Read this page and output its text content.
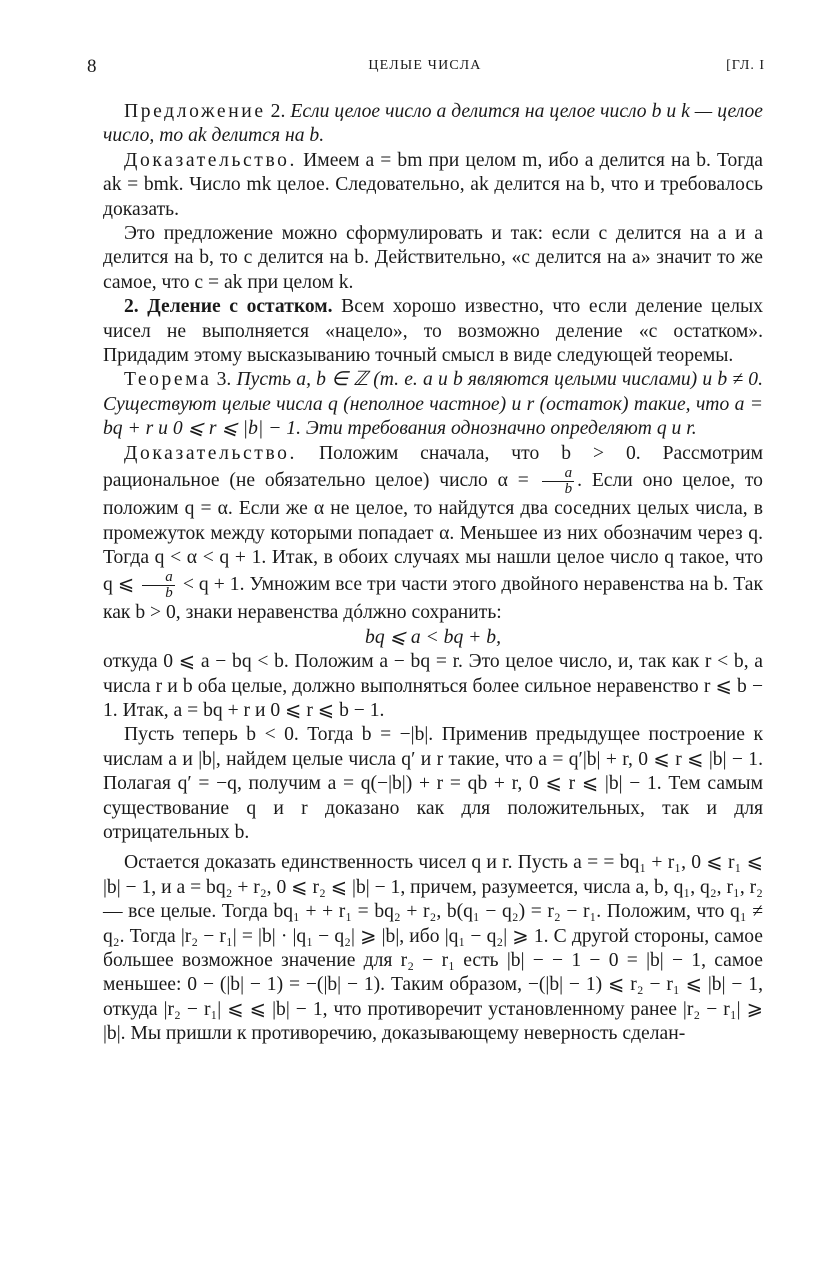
8	ЦЕЛЫЕ ЧИСЛА	[ГЛ. I

Предложение 2. Если целое число a делится на целое число b и k — целое число, то ak делится на b.

Доказательство. Имеем a = bm при целом m, ибо a делится на b. Тогда ak = bmk. Число mk целое. Следовательно, ak делится на b, что и требовалось доказать.

Это предложение можно сформулировать и так: если c делится на a и a делится на b, то c делится на b. Действительно, «c делится на a» значит то же самое, что c = ak при целом k.

2. Деление с остатком. Всем хорошо известно, что если деление целых чисел не выполняется «нацело», то возможно деление «с остатком». Придадим этому высказыванию точный смысл в виде следующей теоремы.

Теорема 3. Пусть a, b ∈ ℤ (т. е. a и b являются целыми числами) и b ≠ 0. Существуют целые числа q (неполное частное) и r (остаток) такие, что a = bq + r и 0 ⩽ r ⩽ |b| − 1. Эти требования однозначно определяют q и r.

Доказательство. Положим сначала, что b > 0. Рассмотрим рациональное (не обязательно целое) число $\alpha = \frac{a}{b}$ . Если оно целое, то положим q = α. Если же α не целое, то найдутся два соседних целых числа, в промежуток между которыми попадает α. Меньшее из них обозначим через q. Тогда q < α < q + 1. Итак, в обоих случаях мы нашли целое число q такое, что q ⩽ $\frac{a}{b} < q + 1$. Умножим все три части этого двойного неравенства на b. Так как b > 0, знаки неравенства дóлжно сохранить:

bq ⩽ a < bq + b,

откуда 0 ⩽ a − bq < b. Положим a − bq = r. Это целое число, и, так как r < b, а числа r и b оба целые, должно выполняться более сильное неравенство r ⩽ b − 1. Итак, a = bq + r и 0 ⩽ r ⩽ b − 1.

Пусть теперь b < 0. Тогда b = −|b|. Применив предыдущее построение к числам a и |b|, найдем целые числа q′ и r такие, что a = q′|b| + r, 0 ⩽ r ⩽ |b| − 1. Полагая q′ = −q, получим a = q(−|b|) + r = qb + r, 0 ⩽ r ⩽ |b| − 1. Тем самым существование q и r доказано как для положительных, так и для отрицательных b.

Остается доказать единственность чисел q и r. Пусть a = = bq₁ + r₁, 0 ⩽ r₁ ⩽ |b| − 1, и a = bq₂ + r₂, 0 ⩽ r₂ ⩽ |b| − 1, причем, разумеется, числа a, b, q₁, q₂, r₁, r₂ — все целые. Тогда bq₁ + + r₁ = bq₂ + r₂, b(q₁ − q₂) = r₂ − r₁. Положим, что q₁ ≠ q₂. Тогда |r₂ − r₁| = |b| · |q₁ − q₂| ⩾ |b|, ибо |q₁ − q₂| ⩾ 1. С другой стороны, самое большее возможное значение для r₂ − r₁ есть |b| − − 1 − 0 = |b| − 1, самое меньшее: 0 − (|b| − 1) = −(|b| − 1). Таким образом, −(|b| − 1) ⩽ r₂ − r₁ ⩽ |b| − 1, откуда |r₂ − r₁| ⩽ ⩽ |b| − 1, что противоречит установленному ранее |r₂ − r₁| ⩾ |b|. Мы пришли к противоречию, доказывающему неверность сделан-
